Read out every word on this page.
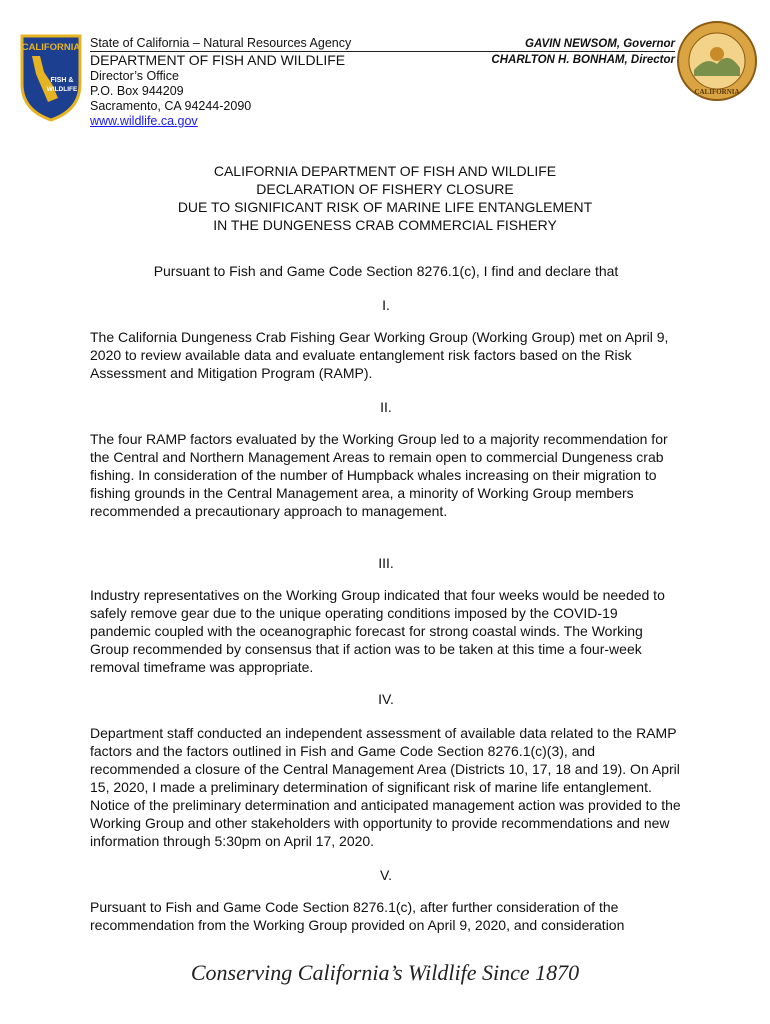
CALIFORNIA
FISH &
WILDLIFE	CALIFORNIA
State of California – Natural Resources Agency
DEPARTMENT OF FISH AND WILDLIFE
Director’s Office
P.O. Box 944209
Sacramento, CA 94244-2090
www.wildlife.ca.gov
GAVIN NEWSOM, Governor
CHARLTON H. BONHAM, Director
CALIFORNIA DEPARTMENT OF FISH AND WILDLIFE
DECLARATION OF FISHERY CLOSURE
DUE TO SIGNIFICANT RISK OF MARINE LIFE ENTANGLEMENT
IN THE DUNGENESS CRAB COMMERCIAL FISHERY
Pursuant to Fish and Game Code Section 8276.1(c), I find and declare that
I.
The California Dungeness Crab Fishing Gear Working Group (Working Group) met on April 9, 2020 to review available data and evaluate entanglement risk factors based on the Risk Assessment and Mitigation Program (RAMP).
II.
The four RAMP factors evaluated by the Working Group led to a majority recommendation for the Central and Northern Management Areas to remain open to commercial Dungeness crab fishing. In consideration of the number of Humpback whales increasing on their migration to fishing grounds in the Central Management area, a minority of Working Group members recommended a precautionary approach to management.
III.
Industry representatives on the Working Group indicated that four weeks would be needed to safely remove gear due to the unique operating conditions imposed by the COVID-19 pandemic coupled with the oceanographic forecast for strong coastal winds. The Working Group recommended by consensus that if action was to be taken at this time a four-week removal timeframe was appropriate.
IV.
Department staff conducted an independent assessment of available data related to the RAMP factors and the factors outlined in Fish and Game Code Section 8276.1(c)(3), and recommended a closure of the Central Management Area (Districts 10, 17, 18 and 19). On April 15, 2020, I made a preliminary determination of significant risk of marine life entanglement. Notice of the preliminary determination and anticipated management action was provided to the Working Group and other stakeholders with opportunity to provide recommendations and new information through 5:30pm on April 17, 2020.
V.
Pursuant to Fish and Game Code Section 8276.1(c), after further consideration of the recommendation from the Working Group provided on April 9, 2020, and consideration
Conserving California’s Wildlife Since 1870
